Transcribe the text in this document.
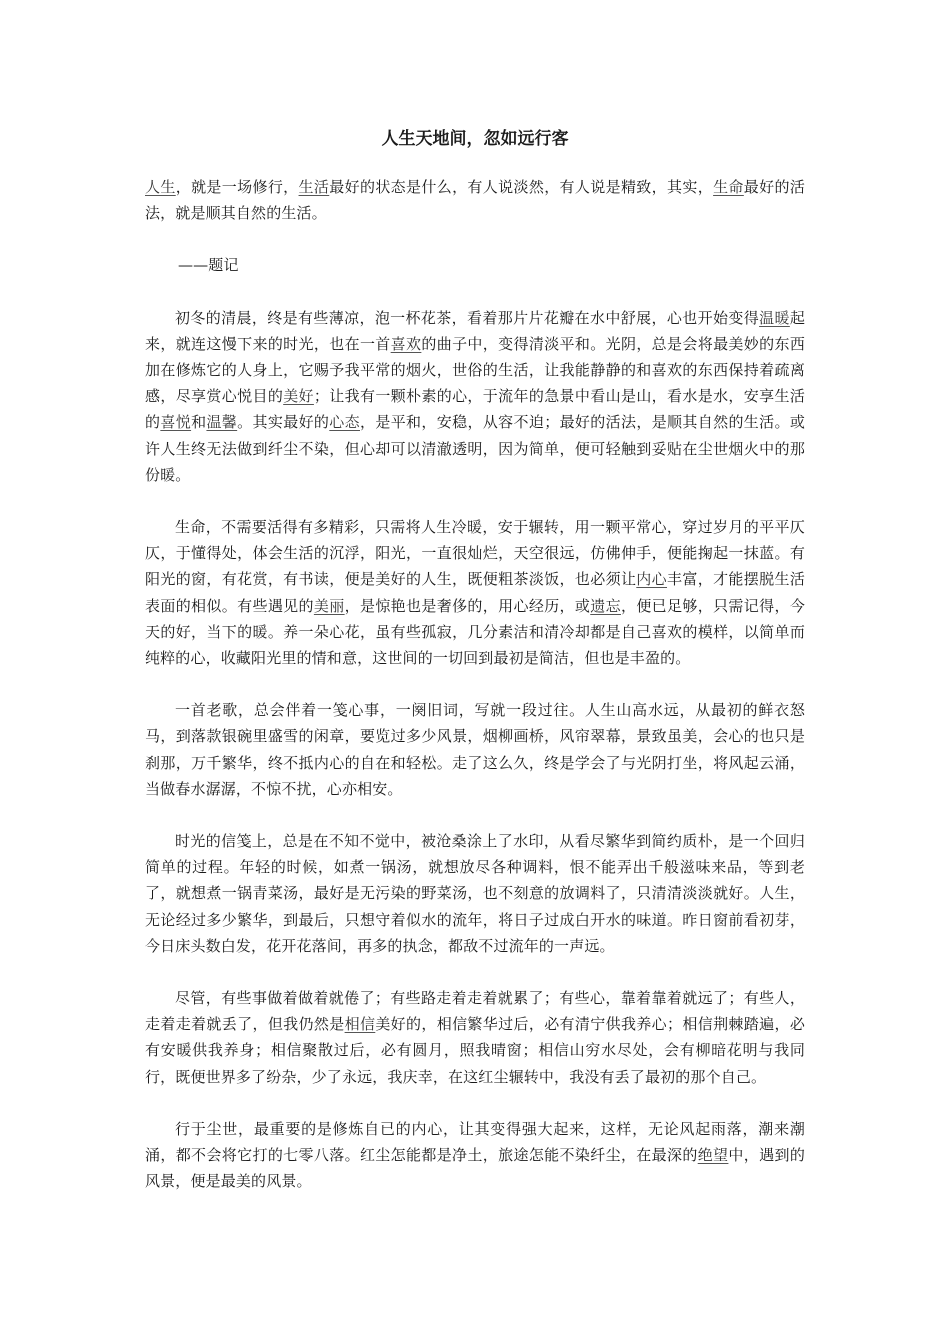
人生天地间，忽如远行客

人生，就是一场修行，生活最好的状态是什么，有人说淡然，有人说是精致，其实，生命最好的活法，就是顺其自然的生活。

——题记

初冬的清晨，终是有些薄凉，泡一杯花茶，看着那片片花瓣在水中舒展，心也开始变得温暖起来，就连这慢下来的时光，也在一首喜欢的曲子中，变得清淡平和。光阴，总是会将最美妙的东西加在修炼它的人身上，它赐予我平常的烟火，世俗的生活，让我能静静的和喜欢的东西保持着疏离感，尽享赏心悦目的美好；让我有一颗朴素的心，于流年的急景中看山是山，看水是水，安享生活的喜悦和温馨。其实最好的心态，是平和，安稳，从容不迫；最好的活法，是顺其自然的生活。或许人生终无法做到纤尘不染，但心却可以清澈透明，因为简单，便可轻触到妥贴在尘世烟火中的那份暖。

生命，不需要活得有多精彩，只需将人生冷暖，安于辗转，用一颗平常心，穿过岁月的平平仄仄，于懂得处，体会生活的沉浮，阳光，一直很灿烂，天空很远，仿佛伸手，便能掬起一抹蓝。有阳光的窗，有花赏，有书读，便是美好的人生，既便粗茶淡饭，也必须让内心丰富，才能摆脱生活表面的相似。有些遇见的美丽，是惊艳也是奢侈的，用心经历，或遗忘，便已足够，只需记得，今天的好，当下的暖。养一朵心花，虽有些孤寂，几分素洁和清冷却都是自己喜欢的模样，以简单而纯粹的心，收藏阳光里的情和意，这世间的一切回到最初是简洁，但也是丰盈的。

一首老歌，总会伴着一笺心事，一阕旧词，写就一段过往。人生山高水远，从最初的鲜衣怒马，到落款银碗里盛雪的闲章，要览过多少风景，烟柳画桥，风帘翠幕，景致虽美，会心的也只是刹那，万千繁华，终不抵内心的自在和轻松。走了这么久，终是学会了与光阴打坐，将风起云涌，当做春水潺潺，不惊不扰，心亦相安。

时光的信笺上，总是在不知不觉中，被沧桑涂上了水印，从看尽繁华到简约质朴，是一个回归简单的过程。年轻的时候，如煮一锅汤，就想放尽各种调料，恨不能弄出千般滋味来品，等到老了，就想煮一锅青菜汤，最好是无污染的野菜汤，也不刻意的放调料了，只清清淡淡就好。人生，无论经过多少繁华，到最后，只想守着似水的流年，将日子过成白开水的味道。昨日窗前看初芽，今日床头数白发，花开花落间，再多的执念，都敌不过流年的一声远。

尽管，有些事做着做着就倦了；有些路走着走着就累了；有些心，靠着靠着就远了；有些人，走着走着就丢了，但我仍然是相信美好的，相信繁华过后，必有清宁供我养心；相信荆棘踏遍，必有安暖供我养身；相信聚散过后，必有圆月，照我晴窗；相信山穷水尽处，会有柳暗花明与我同行，既便世界多了纷杂，少了永远，我庆幸，在这红尘辗转中，我没有丢了最初的那个自己。

行于尘世，最重要的是修炼自已的内心，让其变得强大起来，这样，无论风起雨落，潮来潮涌，都不会将它打的七零八落。红尘怎能都是净土，旅途怎能不染纤尘，在最深的绝望中，遇到的风景，便是最美的风景。
